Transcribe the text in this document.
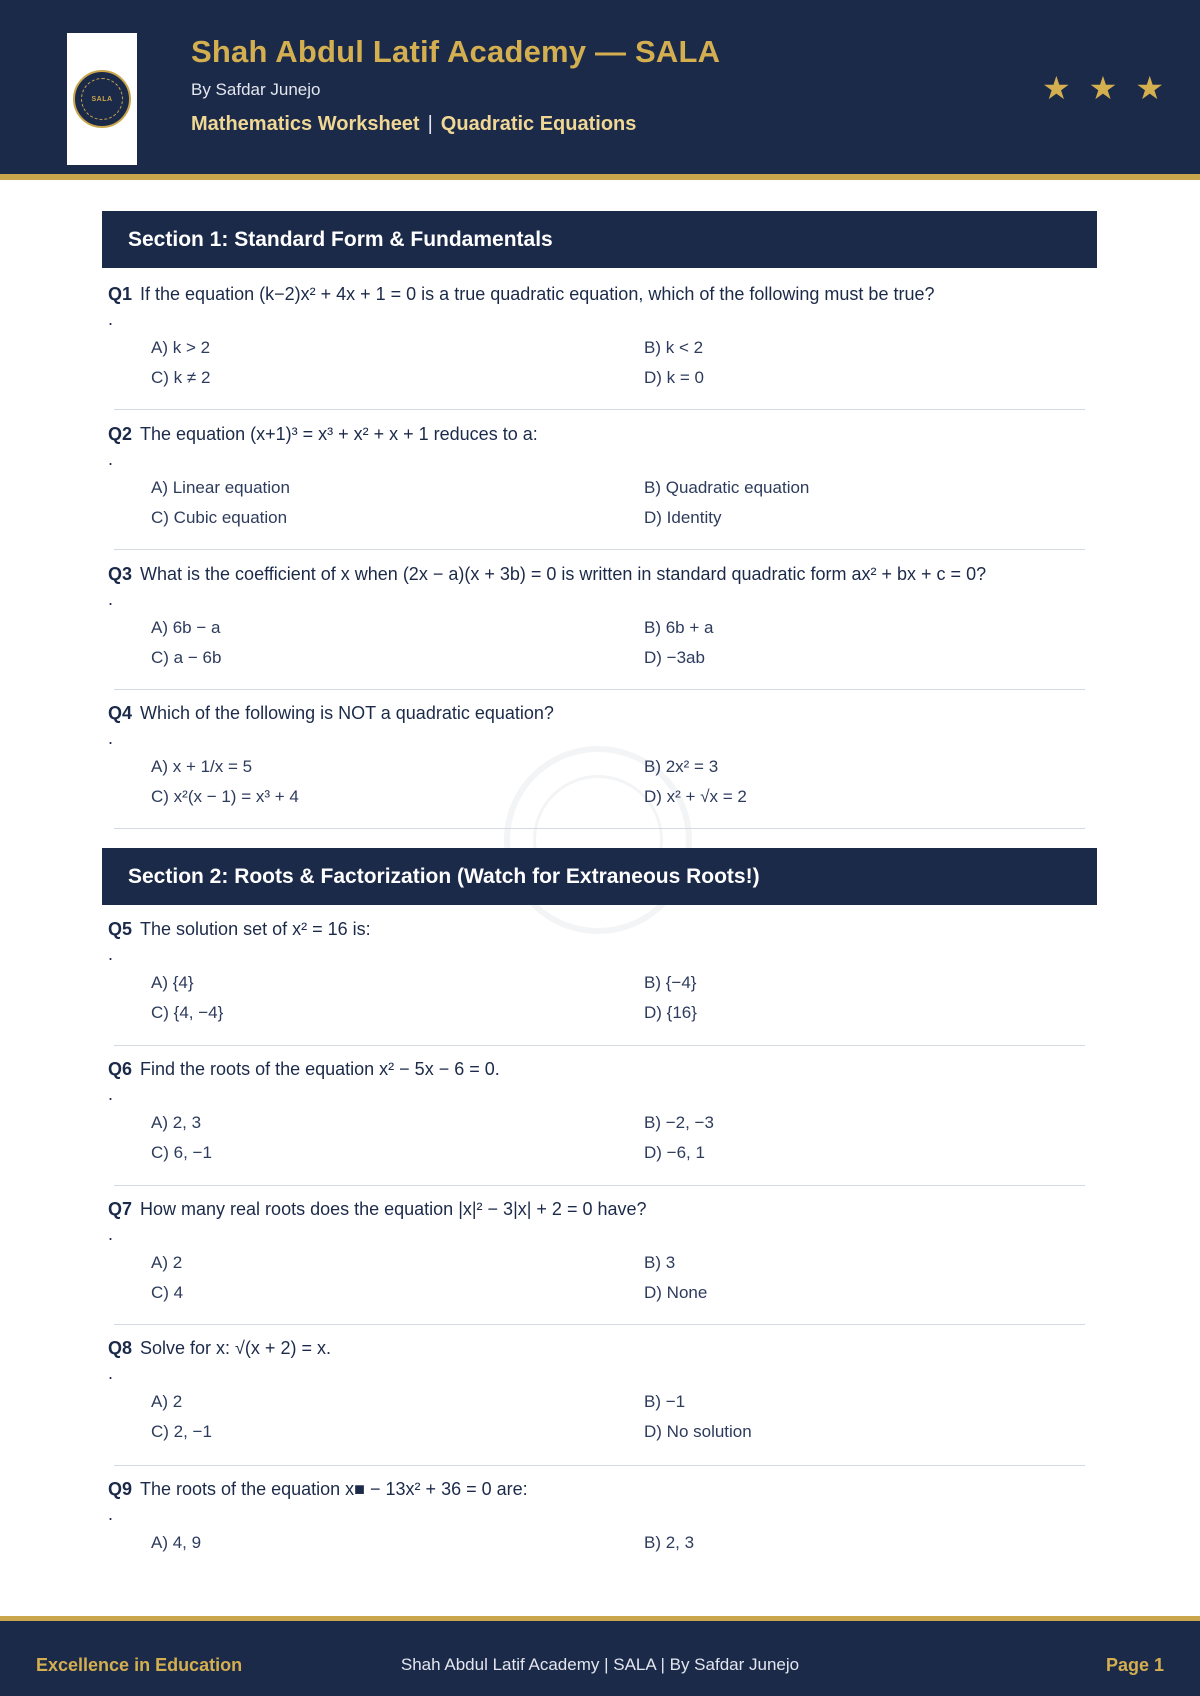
SALA
Shah Abdul Latif Academy — SALA
By Safdar Junejo
Mathematics Worksheet | Quadratic Equations
★ ★ ★
Section 1: Standard Form & Fundamentals
Q1 If the equation (k−2)x² + 4x + 1 = 0 is a true quadratic equation, which of the following must be true?
.
A) k > 2	B) k < 2
C) k ≠ 2	D) k = 0
Q2 The equation (x+1)³ = x³ + x² + x + 1 reduces to a:
.
A) Linear equation	B) Quadratic equation
C) Cubic equation	D) Identity
Q3 What is the coefficient of x when (2x − a)(x + 3b) = 0 is written in standard quadratic form ax² + bx + c = 0?
.
A) 6b − a	B) 6b + a
C) a − 6b	D) −3ab
Q4 Which of the following is NOT a quadratic equation?
.
A) x + 1/x = 5	B) 2x² = 3
C) x²(x − 1) = x³ + 4	D) x² + √x = 2
Section 2: Roots & Factorization (Watch for Extraneous Roots!)
Q5 The solution set of x² = 16 is:
.
A) {4}	B) {−4}
C) {4, −4}	D) {16}
Q6 Find the roots of the equation x² − 5x − 6 = 0.
.
A) 2, 3	B) −2, −3
C) 6, −1	D) −6, 1
Q7 How many real roots does the equation |x|² − 3|x| + 2 = 0 have?
.
A) 2	B) 3
C) 4	D) None
Q8 Solve for x: √(x + 2) = x.
.
A) 2	B) −1
C) 2, −1	D) No solution
Q9 The roots of the equation x■ − 13x² + 36 = 0 are:
.
A) 4, 9	B) 2, 3
Excellence in Education	Shah Abdul Latif Academy | SALA | By Safdar Junejo	Page 1
